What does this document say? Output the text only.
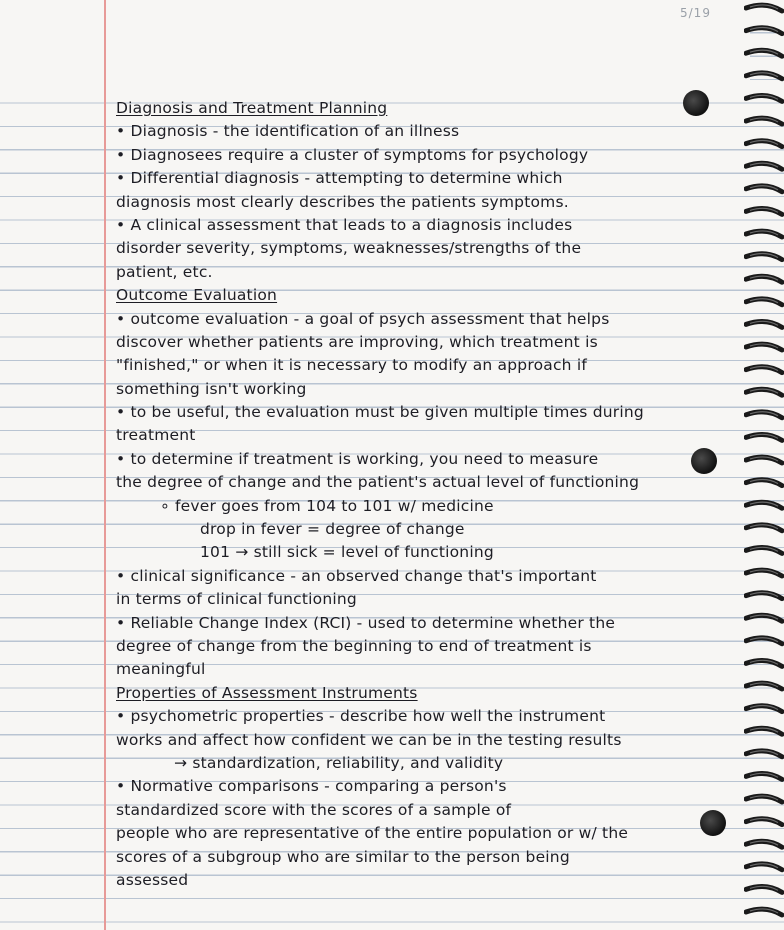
5/19
Diagnosis and Treatment Planning
• Diagnosis - the identification of an illness
• Diagnosees require a cluster of symptoms for psychology
• Differential diagnosis - attempting to determine which
diagnosis most clearly describes the patients symptoms.
• A clinical assessment that leads to a diagnosis includes
disorder severity, symptoms, weaknesses/strengths of the
patient, etc.
Outcome Evaluation
• outcome evaluation - a goal of psych assessment that helps
discover whether patients are improving, which treatment is
"finished," or when it is necessary to modify an approach if
something isn't working
• to be useful, the evaluation must be given multiple times during
treatment
• to determine if treatment is working, you need to measure
the degree of change and the patient's actual level of functioning
∘ fever goes from 104 to 101 w/ medicine
drop in fever = degree of change
101 → still sick = level of functioning
• clinical significance - an observed change that's important
in terms of clinical functioning
• Reliable Change Index (RCI) - used to determine whether the
degree of change from the beginning to end of treatment is
meaningful
Properties of Assessment Instruments
• psychometric properties - describe how well the instrument
works and affect how confident we can be in the testing results
→ standardization, reliability, and validity
• Normative comparisons - comparing a person's
standardized score with the scores of a sample of
people who are representative of the entire population or w/ the
scores of a subgroup who are similar to the person being
assessed
